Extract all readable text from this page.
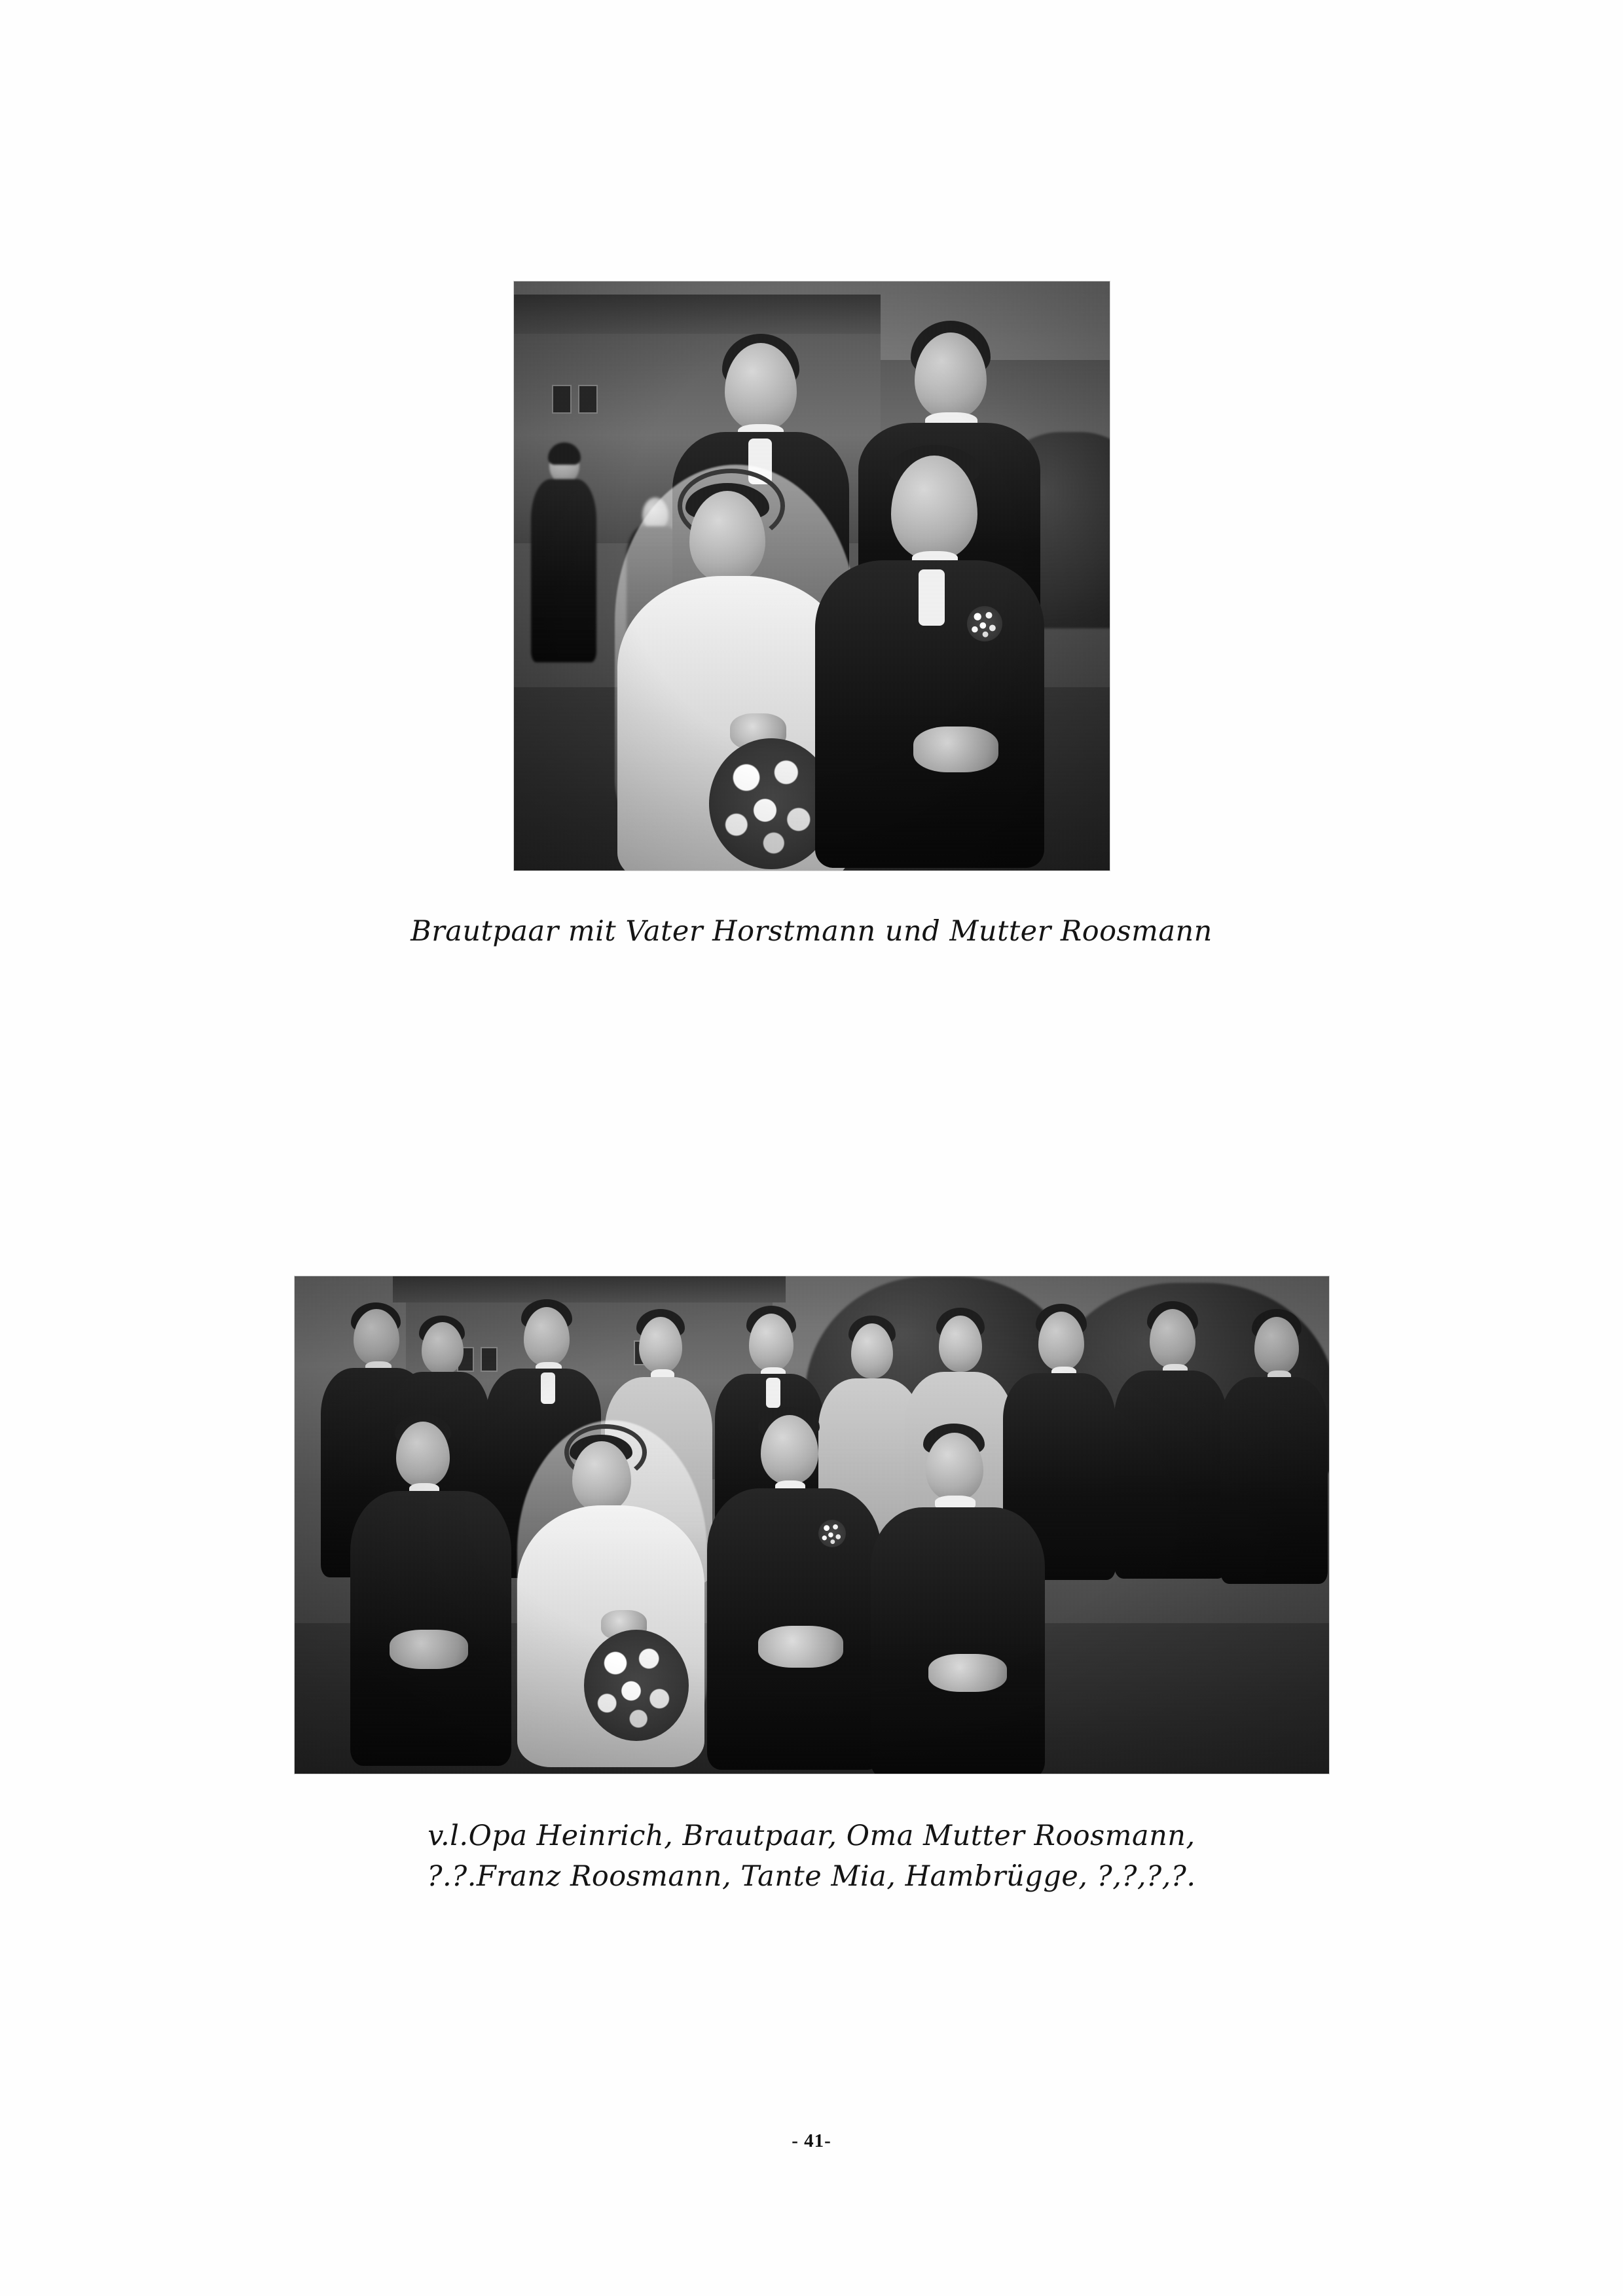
Brautpaar mit Vater Horstmann und Mutter Roosmann
v.l.Opa Heinrich, Brautpaar, Oma Mutter Roosmann,
?.?.Franz Roosmann, Tante Mia, Hambrügge, ?,?,?,?.
- 41-
